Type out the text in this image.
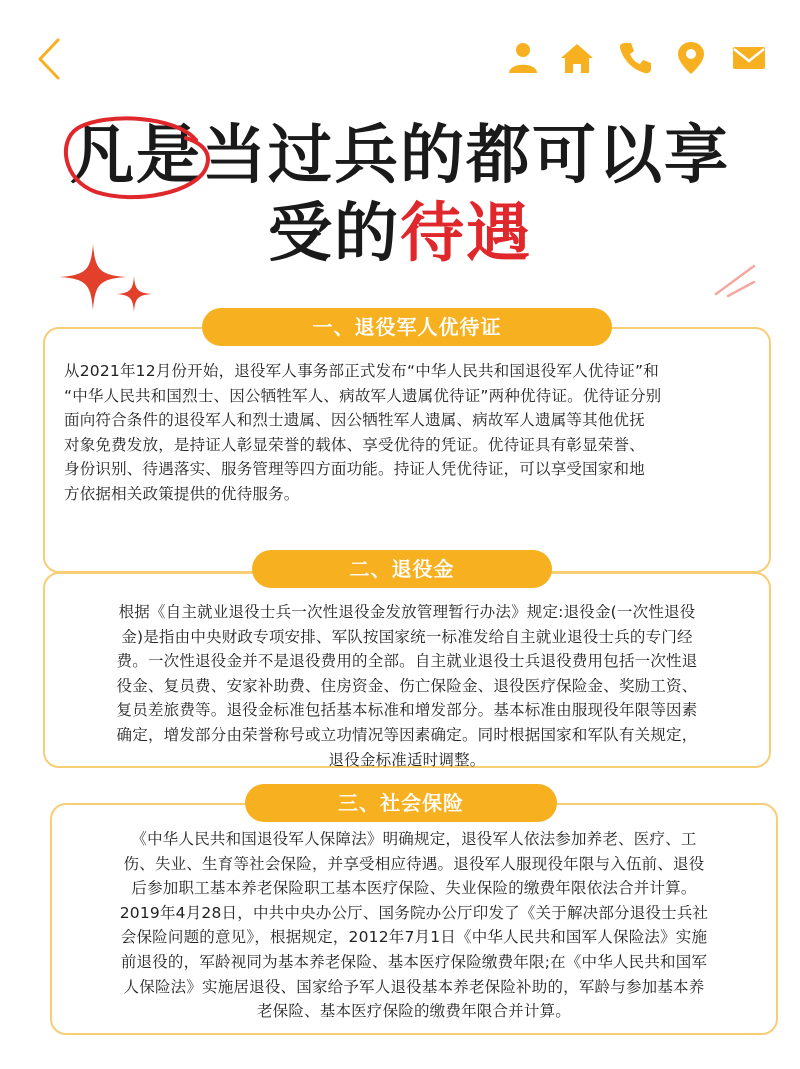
凡是
当过兵的都可以享
受的待遇
从2021年12月份开始，退役军人事务部正式发布“中华人民共和国退役军人优待证”和
“中华人民共和国烈士、因公牺牲军人、病故军人遗属优待证”两种优待证。优待证分别
面向符合条件的退役军人和烈士遗属、因公牺牲军人遗属、病故军人遗属等其他优抚
对象免费发放，是持证人彰显荣誉的载体、享受优待的凭证。优待证具有彰显荣誉、
身份识别、待遇落实、服务管理等四方面功能。持证人凭优待证，可以享受国家和地
方依据相关政策提供的优待服务。
一、退役军人优待证
根据《自主就业退役士兵一次性退役金发放管理暂行办法》规定:退役金(一次性退役
金)是指由中央财政专项安排、军队按国家统一标准发给自主就业退役士兵的专门经
费。一次性退役金并不是退役费用的全部。自主就业退役士兵退役费用包括一次性退
役金、复员费、安家补助费、住房资金、伤亡保险金、退役医疗保险金、奖励工资、
复员差旅费等。退役金标准包括基本标准和增发部分。基本标准由服现役年限等因素
确定，增发部分由荣誉称号或立功情况等因素确定。同时根据国家和军队有关规定，
退役金标准适时调整。
二、退役金
《中华人民共和国退役军人保障法》明确规定，退役军人依法参加养老、医疗、工
伤、失业、生育等社会保险，并享受相应待遇。退役军人服现役年限与入伍前、退役
后参加职工基本养老保险职工基本医疗保险、失业保险的缴费年限依法合并计算。
2019年4月28日，中共中央办公厅、国务院办公厅印发了《关于解决部分退役士兵社
会保险问题的意见》，根据规定，2012年7月1日《中华人民共和国军人保险法》实施
前退役的，军龄视同为基本养老保险、基本医疗保险缴费年限;在《中华人民共和国军
人保险法》实施居退役、国家给予军人退役基本养老保险补助的，军龄与参加基本养
老保险、基本医疗保险的缴费年限合并计算。
三、社会保险
